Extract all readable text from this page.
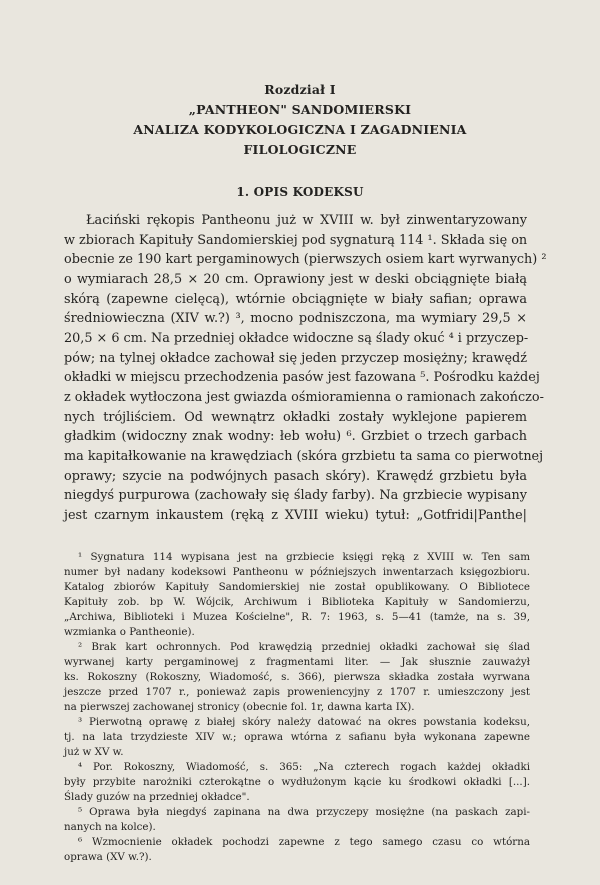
Rozdział I
„PANTHEON" SANDOMIERSKI
ANALIZA KODYKOLOGICZNA I ZAGADNIENIA
FILOLOGICZNE
1. OPIS KODEKSU
Łaciński rękopis Pantheonu już w XVIII w. był zinwentaryzowany
w zbiorach Kapituły Sandomierskiej pod sygnaturą 114 ¹. Składa się on
obecnie ze 190 kart pergaminowych (pierwszych osiem kart wyrwanych) ²
o wymiarach 28,5 × 20 cm. Oprawiony jest w deski obciągnięte białą
skórą (zapewne cielęcą), wtórnie obciągnięte w biały safian; oprawa
średniowieczna (XIV w.?) ³, mocno podniszczona, ma wymiary 29,5 ×
20,5 × 6 cm. Na przedniej okładce widoczne są ślady okuć ⁴ i przyczep-
pów; na tylnej okładce zachował się jeden przyczep mosiężny; krawędź
okładki w miejscu przechodzenia pasów jest fazowana ⁵. Pośrodku każdej
z okładek wytłoczona jest gwiazda ośmioramienna o ramionach zakończo-
nych trójliściem. Od wewnątrz okładki zostały wyklejone papierem
gładkim (widoczny znak wodny: łeb wołu) ⁶. Grzbiet o trzech garbach
ma kapitałkowanie na krawędziach (skóra grzbietu ta sama co pierwotnej
oprawy; szycie na podwójnych pasach skóry). Krawędź grzbietu była
niegdyś purpurowa (zachowały się ślady farby). Na grzbiecie wypisany
jest czarnym inkaustem (ręką z XVIII wieku) tytuł: „Gotfridi|Panthe|
¹ Sygnatura 114 wypisana jest na grzbiecie księgi ręką z XVIII w. Ten sam
numer był nadany kodeksowi Pantheonu w późniejszych inwentarzach księgozbioru.
Katalog zbiorów Kapituły Sandomierskiej nie został opublikowany. O Bibliotece
Kapituły zob. bp W. Wójcik, Archiwum i Biblioteka Kapituły w Sandomierzu,
„Archiwa, Biblioteki i Muzea Kościelne", R. 7: 1963, s. 5—41 (tamże, na s. 39,
wzmianka o Pantheonie).
² Brak kart ochronnych. Pod krawędzią przedniej okładki zachował się ślad
wyrwanej karty pergaminowej z fragmentami liter. — Jak słusznie zauważył
ks. Rokoszny (Rokoszny, Wiadomość, s. 366), pierwsza składka została wyrwana
jeszcze przed 1707 r., ponieważ zapis proweniencyjny z 1707 r. umieszczony jest
na pierwszej zachowanej stronicy (obecnie fol. 1r, dawna karta IX).
³ Pierwotną oprawę z białej skóry należy datować na okres powstania kodeksu,
tj. na lata trzydzieste XIV w.; oprawa wtórna z safianu była wykonana zapewne
już w XV w.
⁴ Por. Rokoszny, Wiadomość, s. 365: „Na czterech rogach każdej okładki
były przybite narożniki czterokątne o wydłużonym kącie ku środkowi okładki [...].
Ślady guzów na przedniej okładce".
⁵ Oprawa była niegdyś zapinana na dwa przyczepy mosiężne (na paskach zapi-
nanych na kolce).
⁶ Wzmocnienie okładek pochodzi zapewne z tego samego czasu co wtórna
oprawa (XV w.?).
